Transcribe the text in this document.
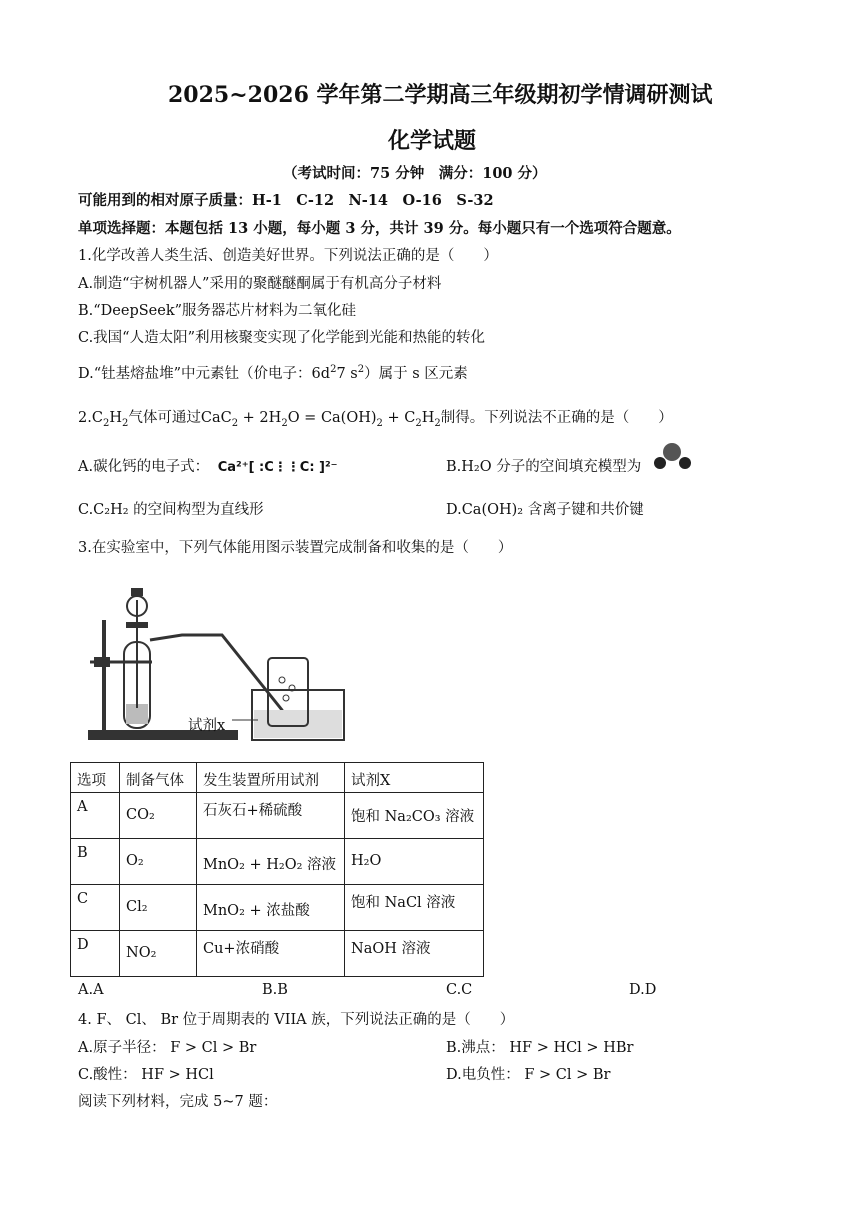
2025~2026 学年第二学期高三年级期初学情调研测试
化学试题
（考试时间：75 分钟　满分：100 分）
可能用到的相对原子质量：H-1　C-12　N-14　O-16　S-32
单项选择题：本题包括 13 小题，每小题 3 分，共计 39 分。每小题只有一个选项符合题意。
1.化学改善人类生活、创造美好世界。下列说法正确的是（　　）
A.制造“宇树机器人”采用的聚醚醚酮属于有机高分子材料
B.“DeepSeek”服务器芯片材料为二氧化硅
C.我国“人造太阳”利用核聚变实现了化学能到光能和热能的转化
D.“钍基熔盐堆”中元素钍（价电子：$6d^27$ $s^2$）属于 s 区元素
$2.C_2H_2$气体可通过$CaC_2 + 2H_2O = Ca(OH)_2 + C_2H_2$制得。下列说法不正确的是（　　）
A.碳化钙的电子式： Ca²⁺[ :C⋮⋮C: ]²⁻	B.H₂O 分子的空间填充模型为
C.C₂H₂ 的空间构型为直线形	D.Ca(OH)₂ 含离子键和共价键
3.在实验室中，下列气体能用图示装置完成制备和收集的是（　　）
试剂x
选项	制备气体	发生装置所用试剂	试剂X
A	CO₂	石灰石+稀硫酸	饱和 Na₂CO₃ 溶液
B	O₂	MnO₂ + H₂O₂ 溶液	H₂O
C	Cl₂	MnO₂ + 浓盐酸	饱和 NaCl 溶液
D	NO₂	Cu+浓硝酸	NaOH 溶液
A.A	B.B	C.C	D.D
4. F、 Cl、 Br 位于周期表的 VIIA 族，下列说法正确的是（　　）
A.原子半径： F > Cl > Br	B.沸点： HF > HCl > HBr
C.酸性： HF > HCl	D.电负性： F > Cl > Br
阅读下列材料，完成 5~7 题：
